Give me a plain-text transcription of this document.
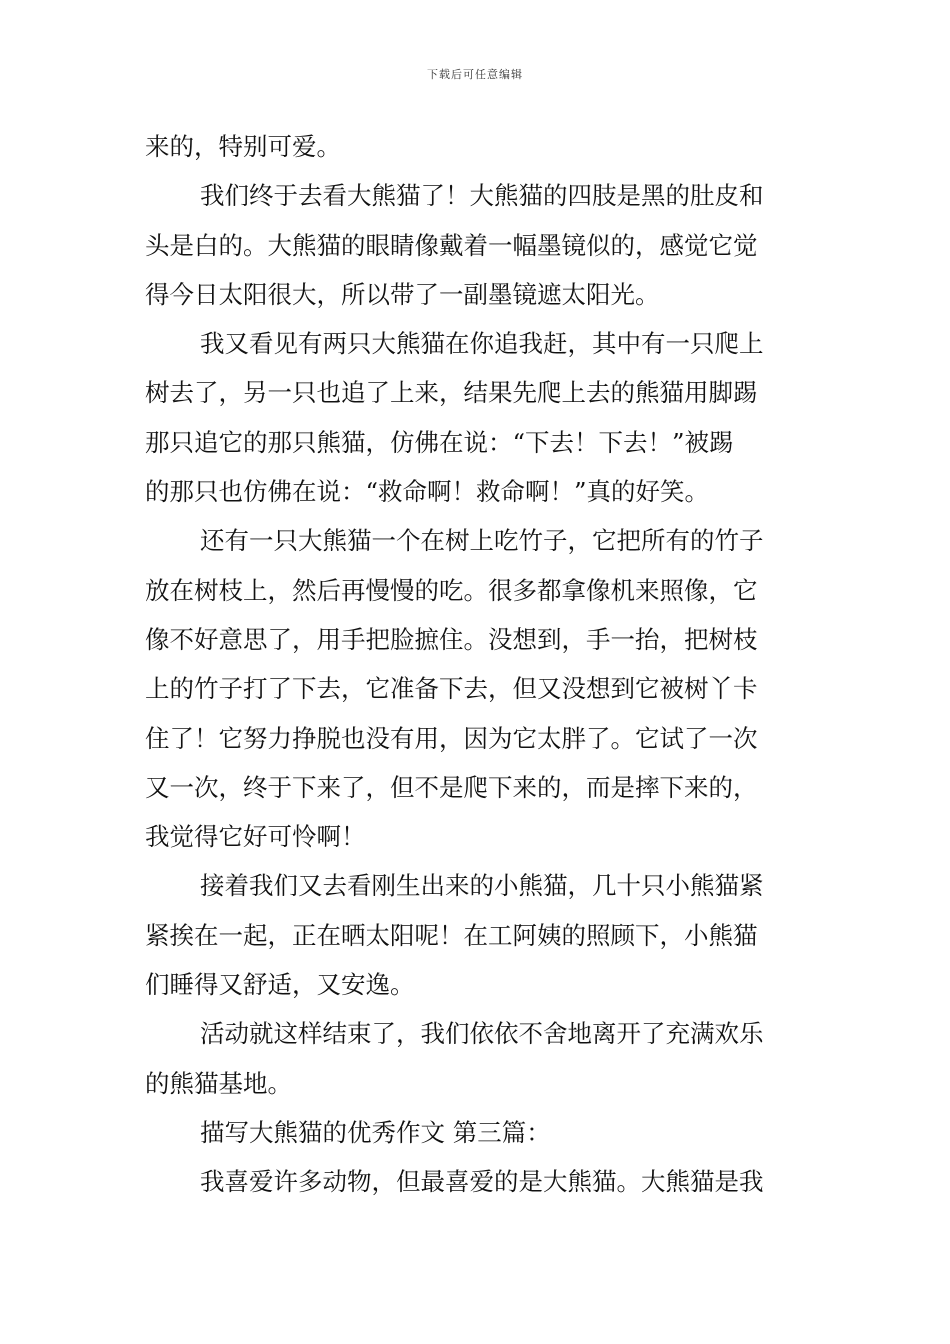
下载后可任意编辑
来的，特别可爱。
我们终于去看大熊猫了！大熊猫的四肢是黑的肚皮和
头是白的。大熊猫的眼睛像戴着一幅墨镜似的，感觉它觉
得今日太阳很大，所以带了一副墨镜遮太阳光。
我又看见有两只大熊猫在你追我赶，其中有一只爬上
树去了，另一只也追了上来，结果先爬上去的熊猫用脚踢
那只追它的那只熊猫，仿佛在说：“下去！下去！”被踢
的那只也仿佛在说：“救命啊！救命啊！”真的好笑。
还有一只大熊猫一个在树上吃竹子，它把所有的竹子
放在树枝上，然后再慢慢的吃。很多都拿像机来照像，它
像不好意思了，用手把脸摭住。没想到，手一抬，把树枝
上的竹子打了下去，它准备下去，但又没想到它被树丫卡
住了！它努力挣脱也没有用，因为它太胖了。它试了一次
又一次，终于下来了，但不是爬下来的，而是摔下来的，
我觉得它好可怜啊！
接着我们又去看刚生出来的小熊猫，几十只小熊猫紧
紧挨在一起，正在晒太阳呢！在工阿姨的照顾下，小熊猫
们睡得又舒适，又安逸。
活动就这样结束了，我们依依不舍地离开了充满欢乐
的熊猫基地。
描写大熊猫的优秀作文 第三篇：
我喜爱许多动物，但最喜爱的是大熊猫。大熊猫是我
